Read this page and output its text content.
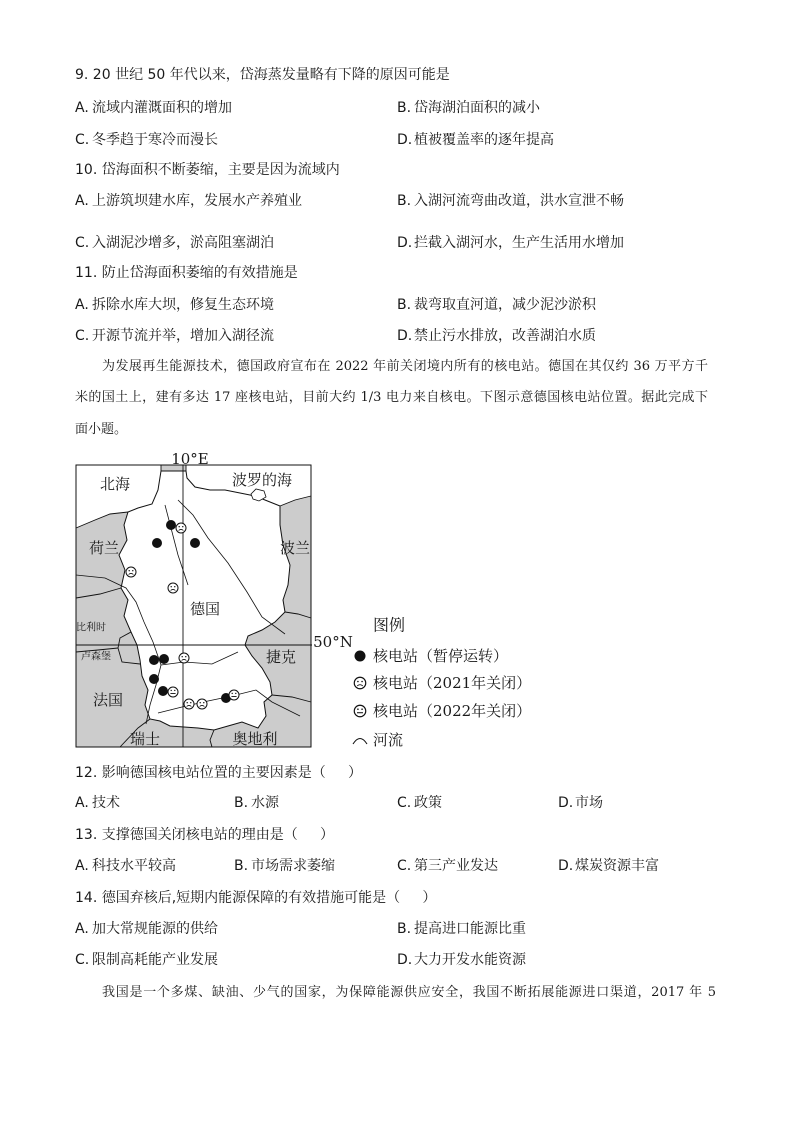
9. 20 世纪 50 年代以来，岱海蒸发量略有下降的原因可能是
A. 流域内灌溉面积的增加	B. 岱海湖泊面积的减小
C. 冬季趋于寒冷而漫长	D. 植被覆盖率的逐年提高
10. 岱海面积不断萎缩，主要是因为流域内
A. 上游筑坝建水库，发展水产养殖业	B. 入湖河流弯曲改道，洪水宣泄不畅
C. 入湖泥沙增多，淤高阻塞湖泊	D. 拦截入湖河水，生产生活用水增加
11. 防止岱海面积萎缩的有效措施是
A. 拆除水库大坝，修复生态环境	B. 裁弯取直河道，减少泥沙淤积
C. 开源节流并举，增加入湖径流	D. 禁止污水排放，改善湖泊水质
为发展再生能源技术，德国政府宣布在 2022 年前关闭境内所有的核电站。德国在其仅约 36 万平方千
米的国土上，建有多达 17 座核电站，目前大约 1/3 电力来自核电。下图示意德国核电站位置。据此完成下
面小题。
10°E
50°N
北海	波罗的海
荷兰	波兰
德国
比利时
卢森堡	捷克
法国
瑞士	奥地利
图例
核电站（暂停运转）
核电站（2021年关闭）
核电站（2022年关闭）
河流
12. 影响德国核电站位置的主要因素是（     ）
A. 技术	B. 水源	C. 政策	D. 市场
13. 支撑德国关闭核电站的理由是（     ）
A. 科技水平较高	B. 市场需求萎缩	C. 第三产业发达	D. 煤炭资源丰富
14. 德国弃核后,短期内能源保障的有效措施可能是（     ）
A. 加大常规能源的供给	B. 提高进口能源比重
C. 限制高耗能产业发展	D. 大力开发水能资源
我国是一个多煤、缺油、少气的国家，为保障能源供应安全，我国不断拓展能源进口渠道，2017 年 5
